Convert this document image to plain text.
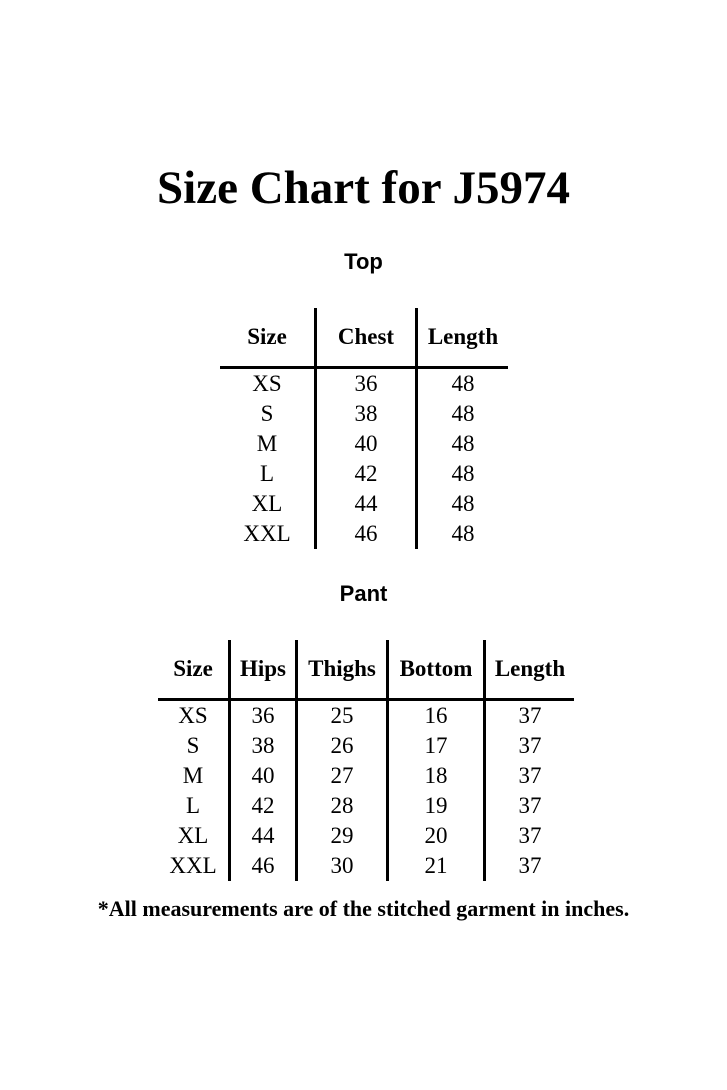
Size Chart for J5974
Top
Size	Chest	Length
XS	36	48
S	38	48
M	40	48
L	42	48
XL	44	48
XXL	46	48
Pant
Size	Hips	Thighs	Bottom	Length
XS	36	25	16	37
S	38	26	17	37
M	40	27	18	37
L	42	28	19	37
XL	44	29	20	37
XXL	46	30	21	37

*All measurements are of the stitched garment in inches.
